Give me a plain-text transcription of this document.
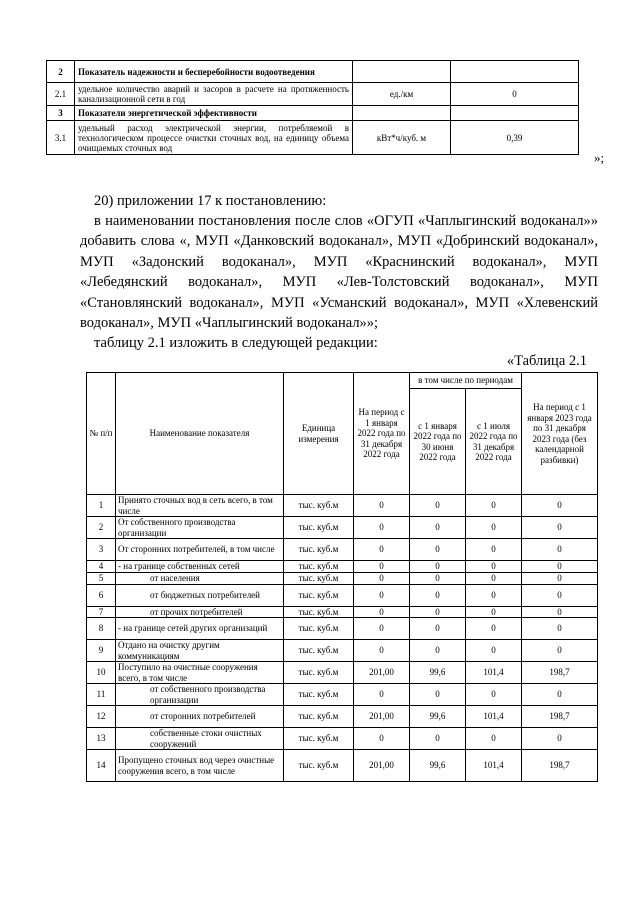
2	Показатель надежности и бесперебойности водоотведения		
2.1	удельное количество аварий и засоров в расчете на протяженность канализационной сети в год	ед./км	0
3	Показатели энергетической эффективности		
3.1	удельный расход электрической энергии, потребляемой в технологическом процессе очистки сточных вод, на единицу объема очищаемых сточных вод	кВт*ч/куб. м	0,39
»;

20) приложении 17 к постановлению:

в наименовании постановления после слов «ОГУП «Чаплыгинский водоканал»» добавить слова «, МУП «Данковский водоканал», МУП «Добринский водоканал», МУП «Задонский водоканал», МУП «Краснинский водоканал», МУП «Лебедянский водоканал», МУП «Лев-Толстовский водоканал», МУП «Становлянский водоканал», МУП «Усманский водоканал», МУП «Хлевенский водоканал», МУП «Чаплыгинский водоканал»»;

таблицу 2.1 изложить в следующей редакции:

«Таблица 2.1
№ п/п	Наименование показателя	Единица измерения	На период с 1 января 2022 года по 31 декабря 2022 года	в том числе по периодам		На период с 1 января 2023 года по 31 декабря 2023 года (без календарной разбивки)
				с 1 января 2022 года по 30 июня 2022 года	с 1 июля 2022 года по 31 декабря 2022 года	
1	Принято сточных вод в сеть всего, в том числе	тыс. куб.м	0	0	0	0
2	От собственного производства организации	тыс. куб.м	0	0	0	0
3	От сторонних потребителей, в том числе	тыс. куб.м	0	0	0	0
4	- на границе собственных сетей	тыс. куб.м	0	0	0	0
5	от населения	тыс. куб.м	0	0	0	0
6	от бюджетных потребителей	тыс. куб.м	0	0	0	0
7	от прочих потребителей	тыс. куб.м	0	0	0	0
8	- на границе сетей других организаций	тыс. куб.м	0	0	0	0
9	Отдано на очистку другим коммуникациям	тыс. куб.м	0	0	0	0
10	Поступило на очистные сооружения всего, в том числе	тыс. куб.м	201,00	99,6	101,4	198,7
11	от собственного производства организации	тыс. куб.м	0	0	0	0
12	от сторонних потребителей	тыс. куб.м	201,00	99,6	101,4	198,7
13	собственные стоки очистных сооружений	тыс. куб.м	0	0	0	0
14	Пропущено сточных вод через очистные сооружения всего, в том числе	тыс. куб.м	201,00	99,6	101,4	198,7
